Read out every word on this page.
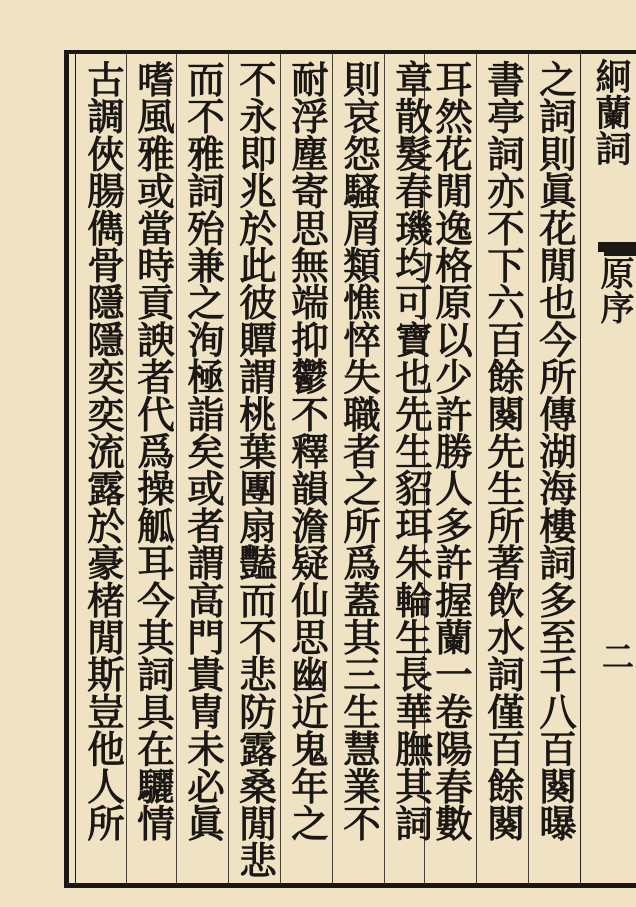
之詞則眞花閒也今所傳湖海樓詞多至千八百闋曝
書亭詞亦不下六百餘闋先生所著飲水詞僅百餘闋
耳然花閒逸格原以少許勝人多許握蘭一卷陽春數
章散髮春璣均可寶也先生貂珥朱輪生長華膴其詞
則哀怨騷屑類憔悴失職者之所爲蓋其三生慧業不
耐浮塵寄思無端抑鬱不釋韻澹疑仙思幽近鬼年之
不永即兆於此彼贉謂桃葉團扇豔而不悲防露桑閒悲
而不雅詞殆兼之洵極詣矣或者謂高門貴冑未必眞
嗜風雅或當時貢諛者代爲操觚耳今其詞具在驪情
古調俠腸儁骨隱隱奕奕流露於豪楮閒斯豈他人所	絅蘭詞
原序
二
